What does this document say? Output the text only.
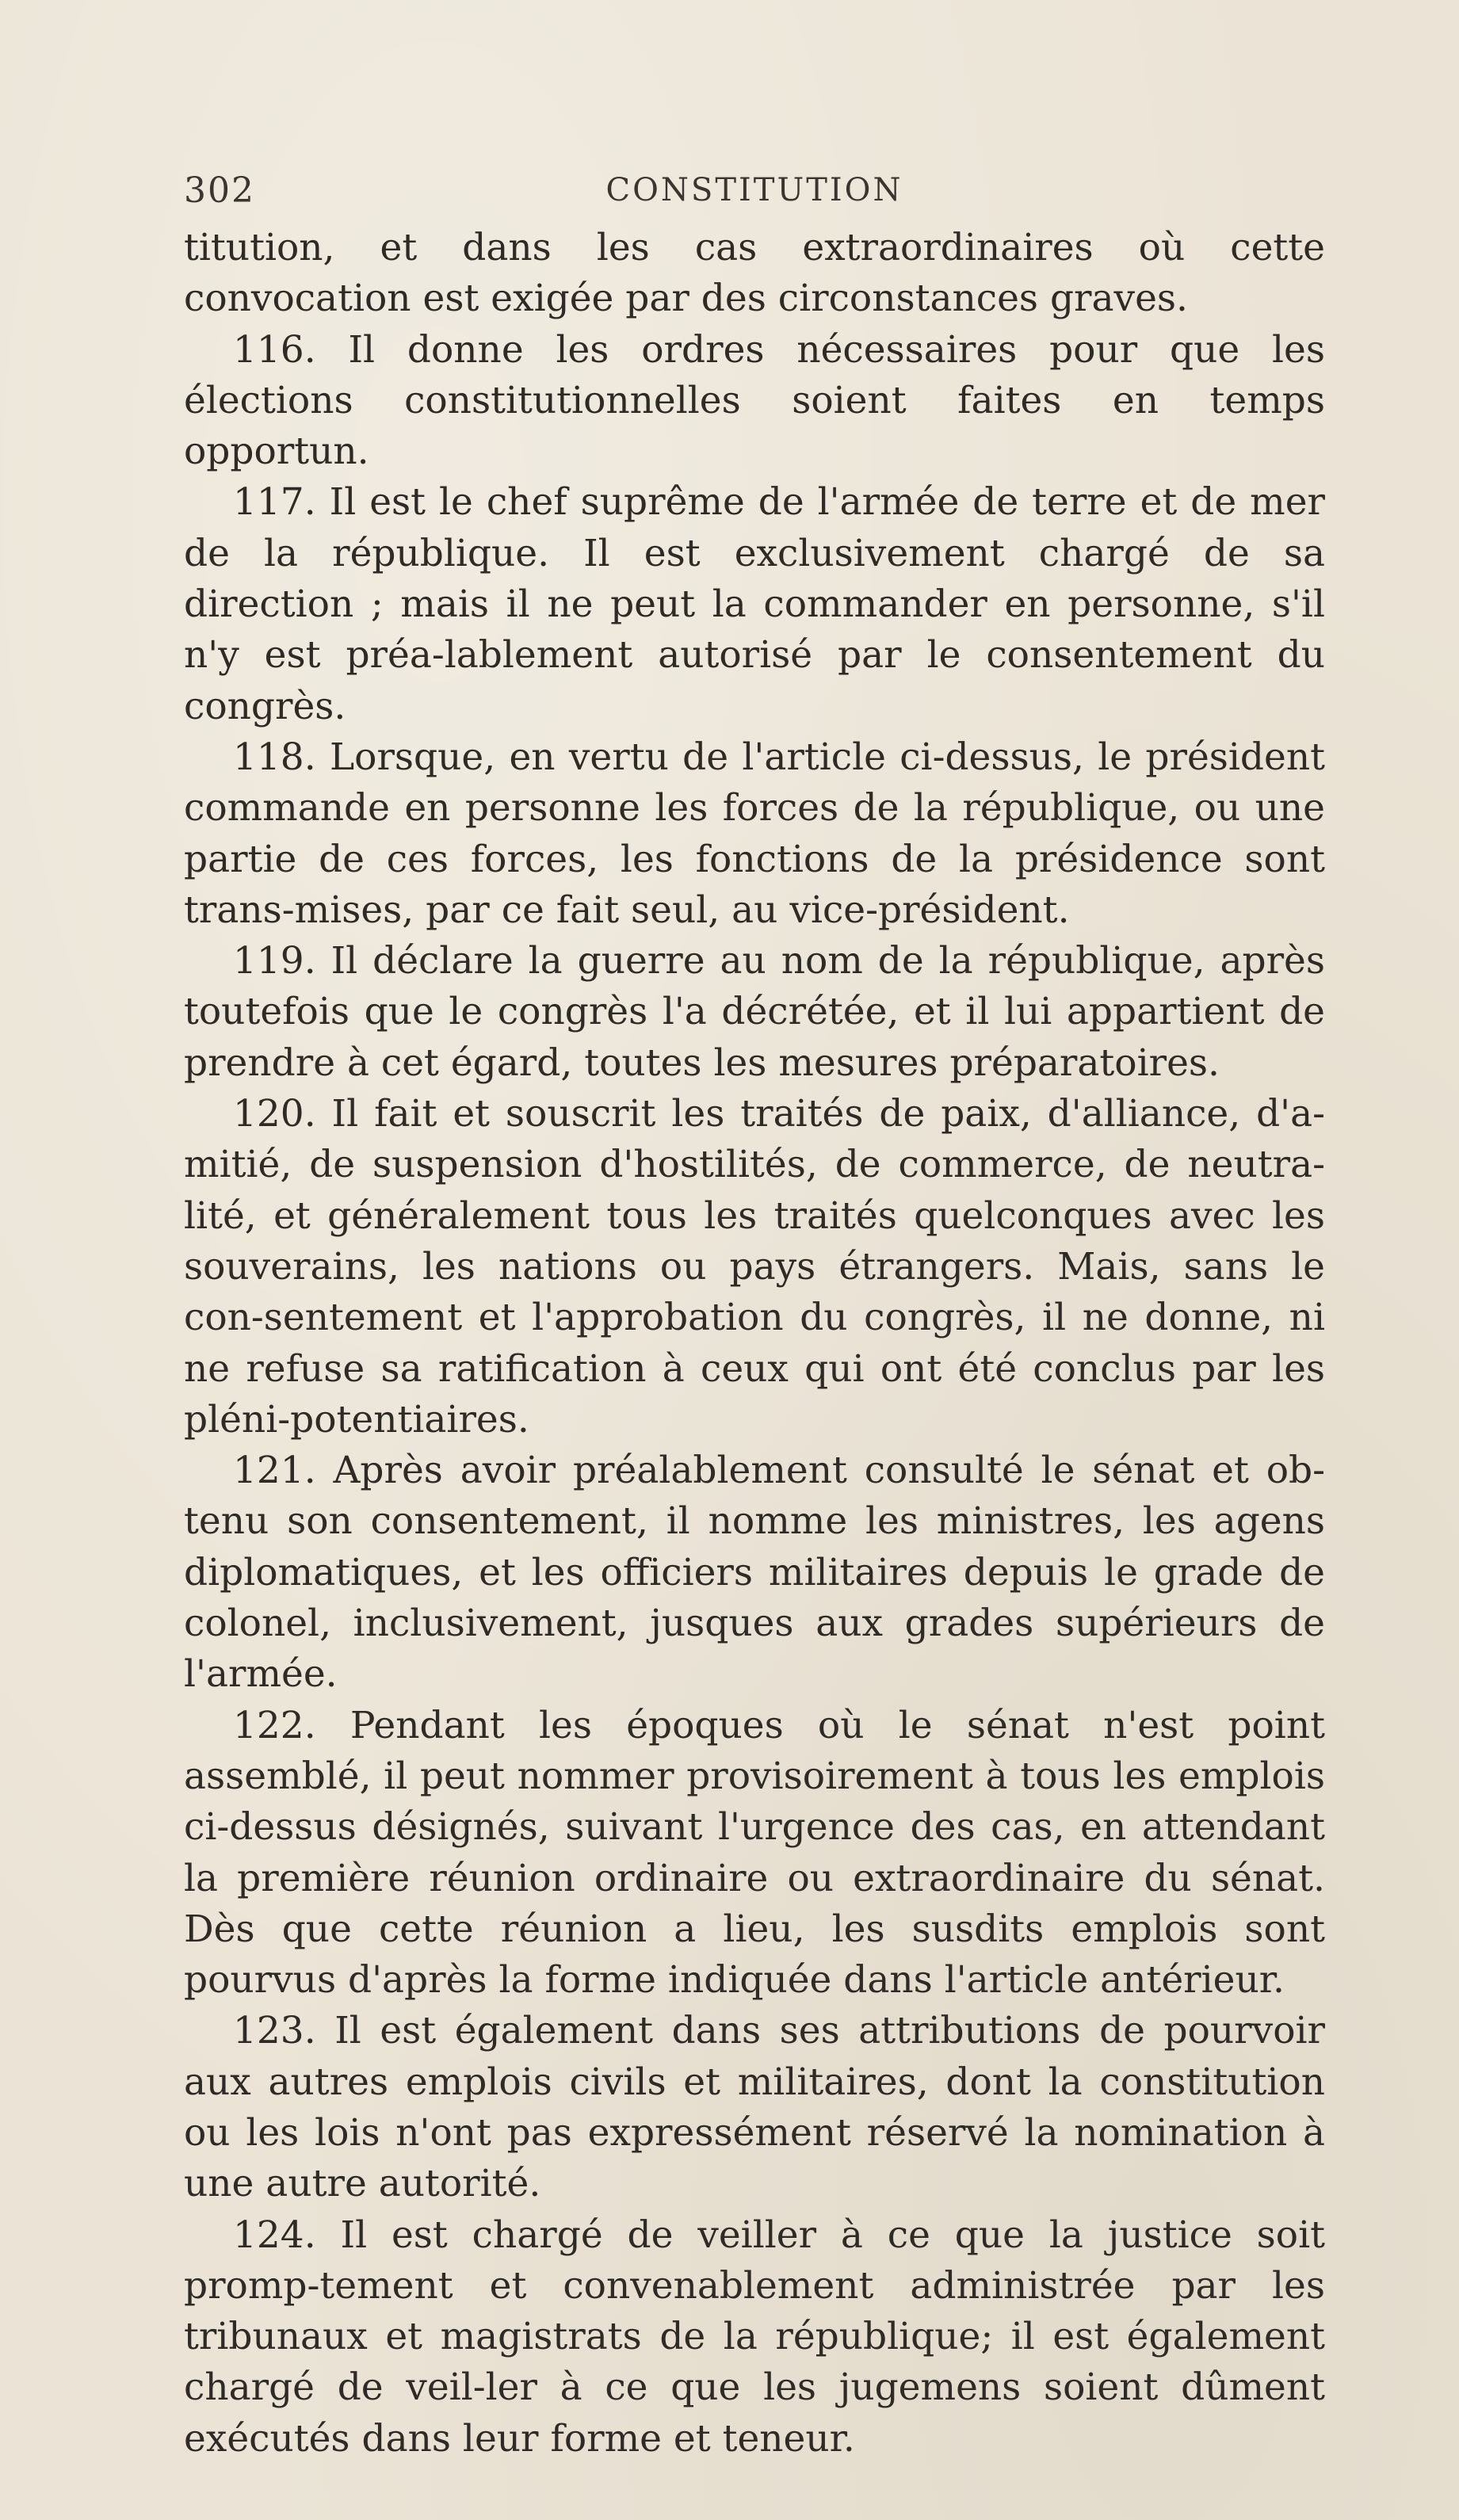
302	CONSTITUTION

titution, et dans les cas extraordinaires où cette convocation est exigée par des circonstances graves.

116. Il donne les ordres nécessaires pour que les élections constitutionnelles soient faites en temps opportun.

117. Il est le chef suprême de l'armée de terre et de mer de la république. Il est exclusivement chargé de sa direction ; mais il ne peut la commander en personne, s'il n'y est préa-lablement autorisé par le consentement du congrès.

118. Lorsque, en vertu de l'article ci-dessus, le président commande en personne les forces de la république, ou une partie de ces forces, les fonctions de la présidence sont trans-mises, par ce fait seul, au vice-président.

119. Il déclare la guerre au nom de la république, après toutefois que le congrès l'a décrétée, et il lui appartient de prendre à cet égard, toutes les mesures préparatoires.

120. Il fait et souscrit les traités de paix, d'alliance, d'a-mitié, de suspension d'hostilités, de commerce, de neutra-lité, et généralement tous les traités quelconques avec les souverains, les nations ou pays étrangers. Mais, sans le con-sentement et l'approbation du congrès, il ne donne, ni ne refuse sa ratification à ceux qui ont été conclus par les pléni-potentiaires.

121. Après avoir préalablement consulté le sénat et ob-tenu son consentement, il nomme les ministres, les agens diplomatiques, et les officiers militaires depuis le grade de colonel, inclusivement, jusques aux grades supérieurs de l'armée.

122. Pendant les époques où le sénat n'est point assemblé, il peut nommer provisoirement à tous les emplois ci-dessus désignés, suivant l'urgence des cas, en attendant la première réunion ordinaire ou extraordinaire du sénat. Dès que cette réunion a lieu, les susdits emplois sont pourvus d'après la forme indiquée dans l'article antérieur.

123. Il est également dans ses attributions de pourvoir aux autres emplois civils et militaires, dont la constitution ou les lois n'ont pas expressément réservé la nomination à une autre autorité.

124. Il est chargé de veiller à ce que la justice soit promp-tement et convenablement administrée par les tribunaux et magistrats de la république; il est également chargé de veil-ler à ce que les jugemens soient dûment exécutés dans leur forme et teneur.
